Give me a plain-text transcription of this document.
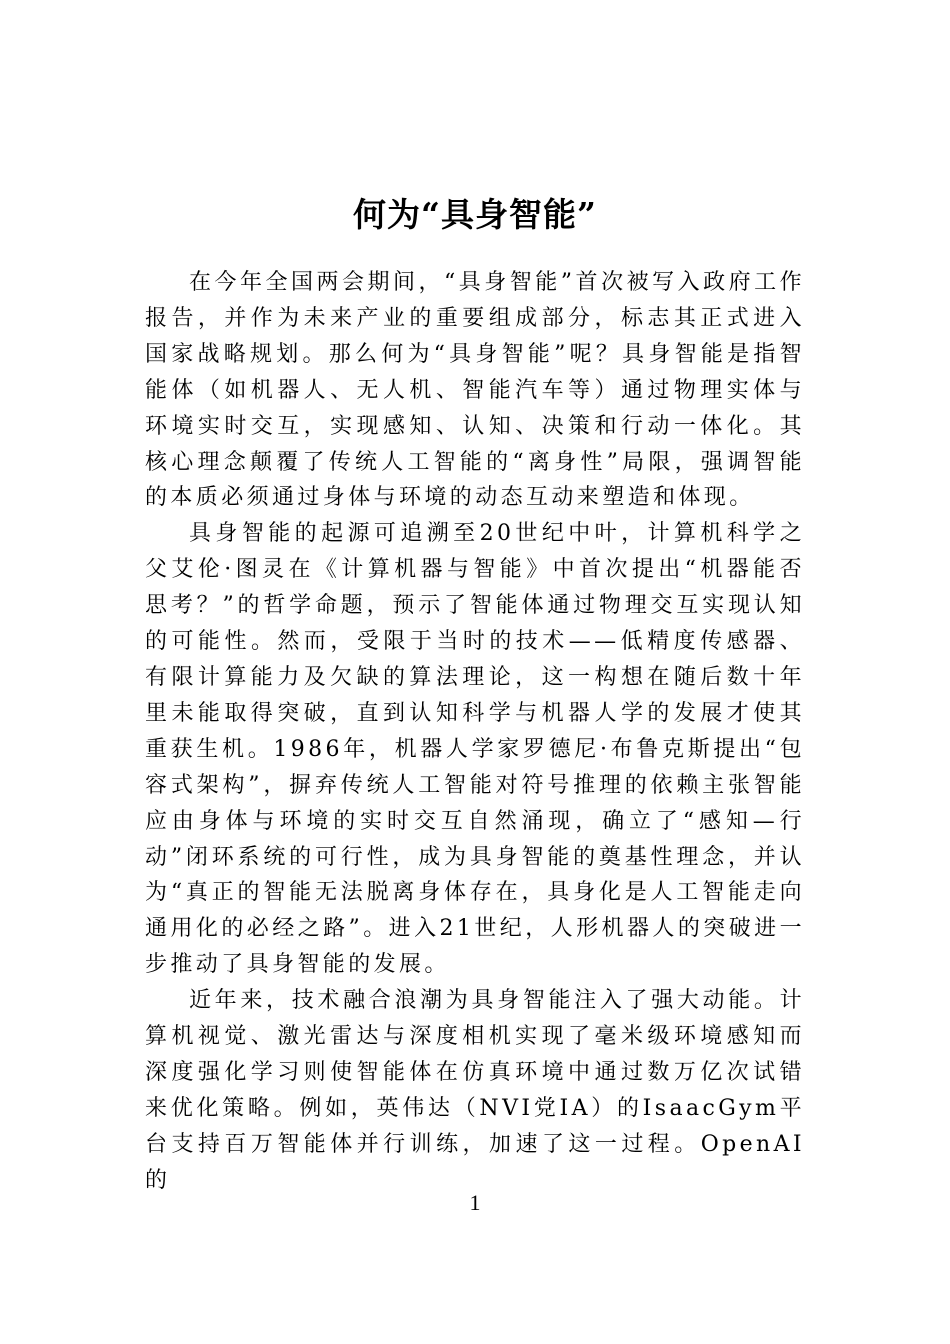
何为“具身智能”

在今年全国两会期间，“具身智能”首次被写入政府工作报告，并作为未来产业的重要组成部分，标志其正式进入国家战略规划。那么何为“具身智能”呢？具身智能是指智能体（如机器人、无人机、智能汽车等）通过物理实体与环境实时交互，实现感知、认知、决策和行动一体化。其核心理念颠覆了传统人工智能的“离身性”局限，强调智能的本质必须通过身体与环境的动态互动来塑造和体现。

具身智能的起源可追溯至20世纪中叶，计算机科学之父艾伦·图灵在《计算机器与智能》中首次提出“机器能否思考？”的哲学命题，预示了智能体通过物理交互实现认知的可能性。然而，受限于当时的技术——低精度传感器、有限计算能力及欠缺的算法理论，这一构想在随后数十年里未能取得突破，直到认知科学与机器人学的发展才使其重获生机。1986年，机器人学家罗德尼·布鲁克斯提出“包容式架构”，摒弃传统人工智能对符号推理的依赖主张智能应由身体与环境的实时交互自然涌现，确立了“感知—行动”闭环系统的可行性，成为具身智能的奠基性理念，并认为“真正的智能无法脱离身体存在，具身化是人工智能走向通用化的必经之路”。进入21世纪，人形机器人的突破进一步推动了具身智能的发展。

近年来，技术融合浪潮为具身智能注入了强大动能。计算机视觉、激光雷达与深度相机实现了毫米级环境感知而深度强化学习则使智能体在仿真环境中通过数万亿次试错来优化策略。例如，英伟达（NVI党IA）的IsaacGym平台支持百万智能体并行训练，加速了这一过程。OpenAI的

1
